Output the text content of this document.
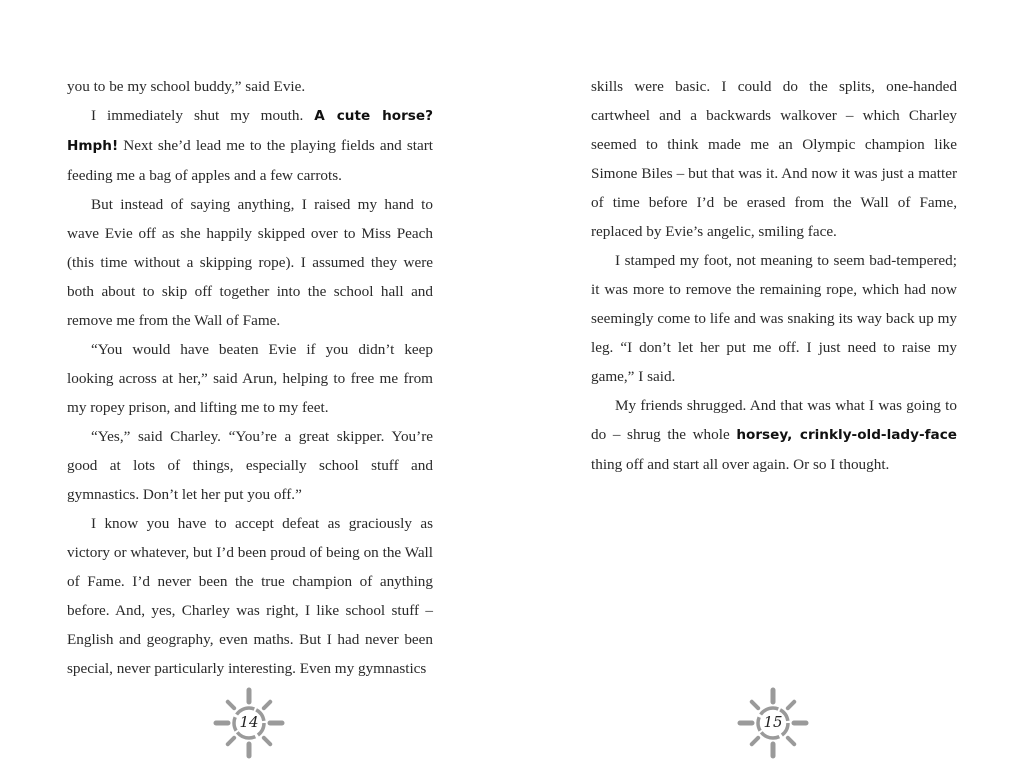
you to be my school buddy,” said Evie.

I immediately shut my mouth. A cute horse? Hmph! Next she’d lead me to the playing fields and start feeding me a bag of apples and a few carrots.

But instead of saying anything, I raised my hand to wave Evie off as she happily skipped over to Miss Peach (this time without a skipping rope). I assumed they were both about to skip off together into the school hall and remove me from the Wall of Fame.

“You would have beaten Evie if you didn’t keep looking across at her,” said Arun, helping to free me from my ropey prison, and lifting me to my feet.

“Yes,” said Charley. “You’re a great skipper. You’re good at lots of things, especially school stuff and gymnastics. Don’t let her put you off.”

I know you have to accept defeat as graciously as victory or whatever, but I’d been proud of being on the Wall of Fame. I’d never been the true champion of anything before. And, yes, Charley was right, I like school stuff – English and geography, even maths. But I had never been special, never particularly interesting. Even my gymnastics

skills were basic. I could do the splits, one-handed cartwheel and a backwards walkover – which Charley seemed to think made me an Olympic champion like Simone Biles – but that was it. And now it was just a matter of time before I’d be erased from the Wall of Fame, replaced by Evie’s angelic, smiling face.

I stamped my foot, not meaning to seem bad-tempered; it was more to remove the remaining rope, which had now seemingly come to life and was snaking its way back up my leg. “I don’t let her put me off. I just need to raise my game,” I said.

My friends shrugged. And that was what I was going to do – shrug the whole horsey, crinkly-old-lady-face thing off and start all over again. Or so I thought.

14	15
